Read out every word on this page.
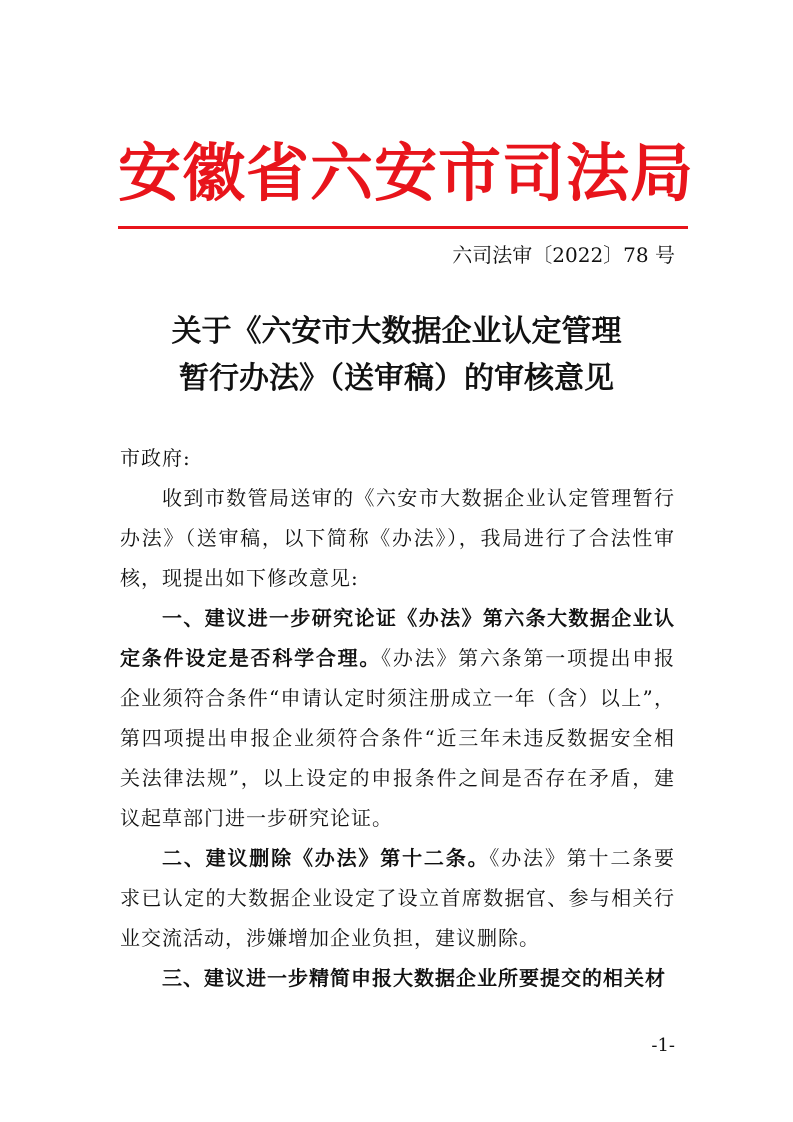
安徽省六安市司法局
六司法审〔2022〕78 号
关于《六安市大数据企业认定管理
暂行办法》（送审稿）的审核意见

市政府:

收到市数管局送审的《六安市大数据企业认定管理暂行办法》（送审稿，以下简称《办法》），我局进行了合法性审核，现提出如下修改意见:

一、建议进一步研究论证《办法》第六条大数据企业认定条件设定是否科学合理。《办法》第六条第一项提出申报企业须符合条件“申请认定时须注册成立一年（含）以上”，第四项提出申报企业须符合条件“近三年未违反数据安全相关法律法规”，以上设定的申报条件之间是否存在矛盾，建议起草部门进一步研究论证。

二、建议删除《办法》第十二条。《办法》第十二条要求已认定的大数据企业设定了设立首席数据官、参与相关行业交流活动，涉嫌增加企业负担，建议删除。

三、建议进一步精简申报大数据企业所要提交的相关材

-1-
